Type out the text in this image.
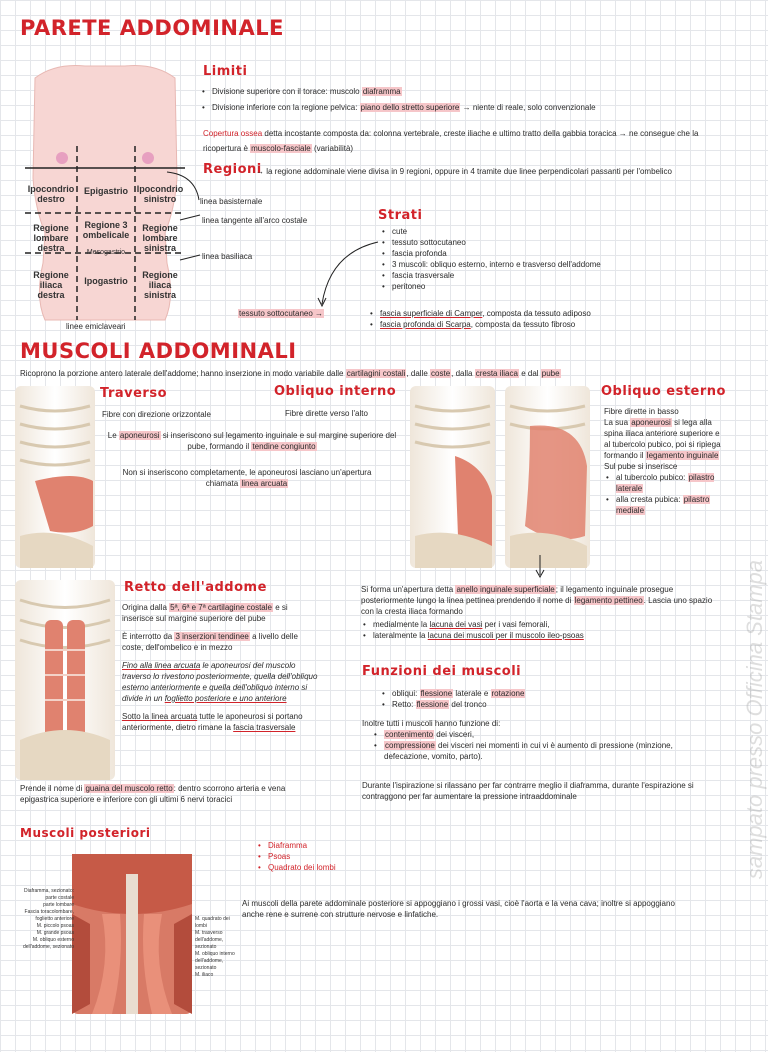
PARETE ADDOMINALE
Ipocondrio destro
Epigastrio Ipocondrio sinistro
Regione lombare destra
Regione 3 ombelicale
Mesogastrio
Regione lombare sinistra
Regione iliaca destra
Ipogastrio
Regione iliaca sinistra
linea basisternale
linea tangente all'arco costale
linea basiliaca
linee emiclaveari
Limiti
• Divisione superiore con il torace: muscolo diaframma
• Divisione inferiore con la regione pelvica: piano dello stretto superiore → niente di reale, solo convenzionale
Copertura ossea detta incostante composta da: colonna vertebrale, creste iliache e ultimo tratto della gabbia toracica → ne consegue che la ricopertura è muscolo-fasciale (variabilità)
Regioni
→ la regione addominale viene divisa in 9 regioni, oppure in 4 tramite due linee perpendicolari passanti per l'ombelico
Strati
• cute
• tessuto sottocutaneo
• fascia profonda
• 3 muscoli: obliquo esterno, interno e trasverso dell'addome
• fascia trasversale
• peritoneo
tessuto sottocutaneo →
•	fascia superficiale di Camper, composta da tessuto adiposo
• fascia profonda di Scarpa, composta da tessuto fibroso
MUSCOLI ADDOMINALI
Ricoprono la porzione antero laterale dell'addome; hanno inserzione in modo variabile dalle cartilagini costali, dalle coste, dalla cresta iliaca e dal pube
Traverso
Fibre con direzione orizzontale
Le aponeurosi si inseriscono sul legamento inguinale e sul margine superiore del pube, formando il tendine congiunto
Non si inseriscono completamente, le aponeurosi lasciano un'apertura chiamata linea arcuata
Obliquo interno
Fibre dirette verso l'alto
Obliquo esterno
Fibre dirette in basso
La sua aponeurosi si lega alla spina iliaca anteriore superiore e al tubercolo pubico, poi si ripiega formando il legamento inguinale
Sul pube si inserisce
• al tubercolo pubico: pilastro laterale
• alla cresta pubica: pilastro mediale
Retto dell'addome
Origina dalla 5ª, 6ª e 7ª cartilagine costale e si inserisce sul margine superiore del pube
È interrotto da 3 inserzioni tendinee a livello delle coste, dell'ombelico e in mezzo
Fino alla linea arcuata le aponeurosi del muscolo traverso lo rivestono posteriormente, quella dell'obliquo esterno anteriormente e quella dell'obliquo interno si divide in un foglietto posteriore e uno anteriore
Sotto la linea arcuata tutte le aponeurosi si portano anteriormente, dietro rimane la fascia trasversale
Prende il nome di guaina del muscolo retto: dentro scorrono arteria e vena epigastrica superiore e inferiore con gli ultimi 6 nervi toracici
Si forma un'apertura detta anello inguinale superficiale; il legamento inguinale prosegue posteriormente lungo la linea pettinea prendendo il nome di legamento pettineo. Lascia uno spazio con la cresta iliaca formando
• medialmente la lacuna dei vasi per i vasi femorali,
• lateralmente la lacuna dei muscoli per il muscolo ileo-psoas
Funzioni dei muscoli
• obliqui: flessione laterale e rotazione
• Retto: flessione del tronco
Inoltre tutti i muscoli hanno funzione di:
• contenimento dei visceri,
• compressione dei visceri nei momenti in cui vi è aumento di pressione (minzione, defecazione, vomito, parto).
Durante l'ispirazione si rilassano per far contrarre meglio il diaframma, durante l'espirazione si contraggono per far aumentare la pressione intraaddominale
Muscoli posteriori
Diaframma, sezionato: parte costale
parte lombare
Fascia toracolombare, foglietto anteriore
M. piccolo psoas
M. grande psoas
M. obliquo esterno dell'addome, sezionato
M. quadrato dei lombi
M. trasverso dell'addome, sezionato
M. obliquo interno dell'addome, sezionato
M. iliaco
• Diaframma
• Psoas
• Quadrato dei lombi
Ai muscoli della parete addominale posteriore si appoggiano i grossi vasi, cioè l'aorta e la vena cava; inoltre si appoggiano anche rene e surrene con strutture nervose e linfatiche.
sampato presso Officina Stampa
